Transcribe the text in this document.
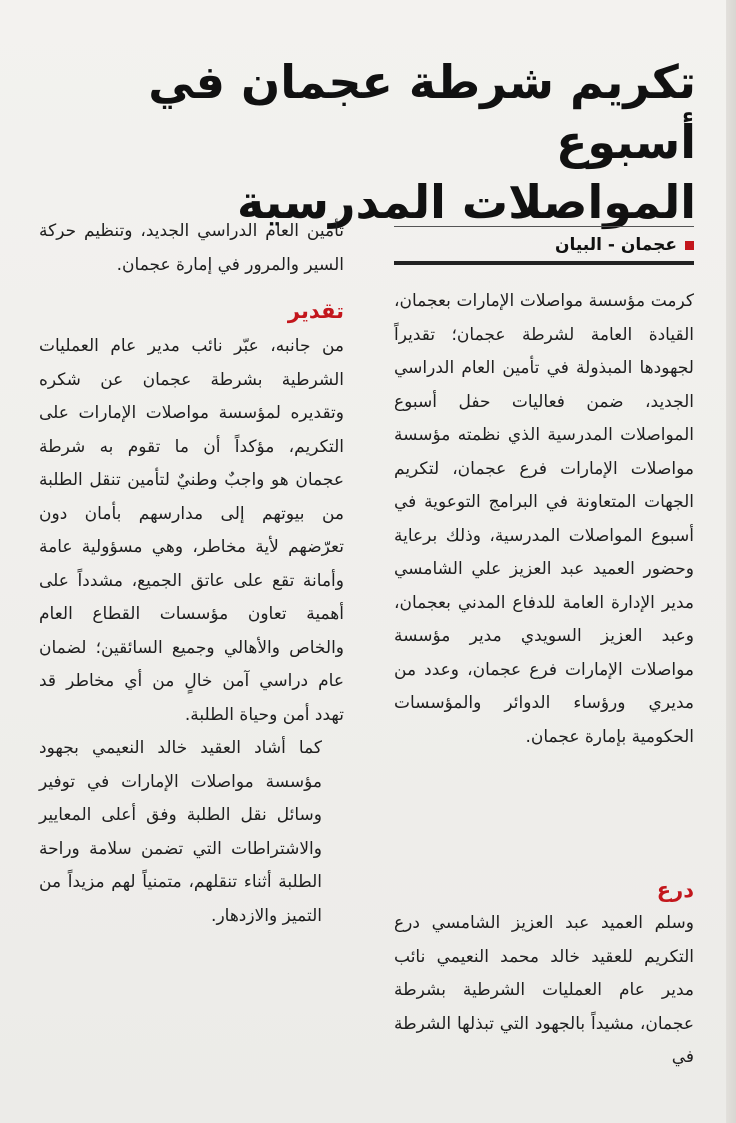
تكريم شرطة عجمان في أسبوع
المواصلات المدرسية
عجمان - البيان

كرمت مؤسسة مواصلات الإمارات بعجمان، القيادة العامة لشرطة عجمان؛ تقديراً لجهودها المبذولة في تأمين العام الدراسي الجديد، ضمن فعاليات حفل أسبوع المواصلات المدرسية الذي نظمته مؤسسة مواصلات الإمارات فرع عجمان، لتكريم الجهات المتعاونة في البرامج التوعوية في أسبوع المواصلات المدرسية، وذلك برعاية وحضور العميد عبد العزيز علي الشامسي مدير الإدارة العامة للدفاع المدني بعجمان، وعبد العزيز السويدي مدير مؤسسة مواصلات الإمارات فرع عجمان، وعدد من مديري ورؤساء الدوائر والمؤسسات الحكومية بإمارة عجمان.

درع

وسلم العميد عبد العزيز الشامسي درع التكريم للعقيد خالد محمد النعيمي نائب مدير عام العمليات الشرطية بشرطة عجمان، مشيداً بالجهود التي تبذلها الشرطة في

تأمين العام الدراسي الجديد، وتنظيم حركة السير والمرور في إمارة عجمان.

تقدير

من جانبه، عبّر نائب مدير عام العمليات الشرطية بشرطة عجمان عن شكره وتقديره لمؤسسة مواصلات الإمارات على التكريم، مؤكداً أن ما تقوم به شرطة عجمان هو واجبٌ وطنيٌ لتأمين تنقل الطلبة من بيوتهم إلى مدارسهم بأمان دون تعرّضهم لأية مخاطر، وهي مسؤولية عامة وأمانة تقع على عاتق الجميع، مشدداً على أهمية تعاون مؤسسات القطاع العام والخاص والأهالي وجميع السائقين؛ لضمان عام دراسي آمن خالٍ من أي مخاطر قد تهدد أمن وحياة الطلبة.

كما أشاد العقيد خالد النعيمي بجهود مؤسسة مواصلات الإمارات في توفير وسائل نقل الطلبة وفق أعلى المعايير والاشتراطات التي تضمن سلامة وراحة الطلبة أثناء تنقلهم، متمنياً لهم مزيداً من التميز والازدهار.
